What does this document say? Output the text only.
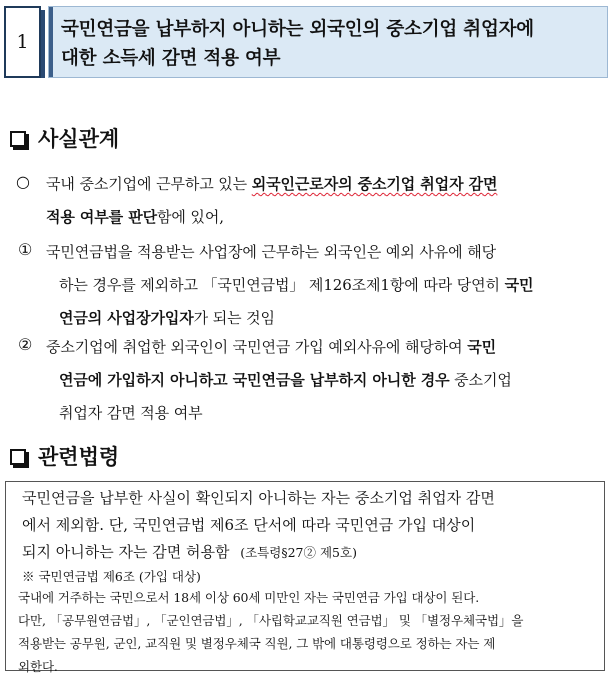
1
국민연금을 납부하지 아니하는 외국인의 중소기업 취업자에
대한 소득세 감면 적용 여부
사실관계
○ 국내 중소기업에 근무하고 있는 외국인근로자의 중소기업 취업자 감면
적용 여부를 판단함에 있어,
① 국민연금법을 적용받는 사업장에 근무하는 외국인은 예외 사유에 해당
하는 경우를 제외하고 「국민연금법」 제126조제1항에 따라 당연히 국민
연금의 사업장가입자가 되는 것임
② 중소기업에 취업한 외국인이 국민연금 가입 예외사유에 해당하여 국민
연금에 가입하지 아니하고 국민연금을 납부하지 아니한 경우 중소기업
취업자 감면 적용 여부
관련법령
국민연금을 납부한 사실이 확인되지 아니하는 자는 중소기업 취업자 감면
에서 제외함. 단, 국민연금법 제6조 단서에 따라 국민연금 가입 대상이
되지 아니하는 자는 감면 허용함 (조특령§27② 제5호)
※ 국민연금법 제6조 (가입 대상)
국내에 거주하는 국민으로서 18세 이상 60세 미만인 자는 국민연금 가입 대상이 된다.
다만, 「공무원연금법」, 「군인연금법」, 「사립학교교직원 연금법」 및 「별정우체국법」을
적용받는 공무원, 군인, 교직원 및 별정우체국 직원, 그 밖에 대통령령으로 정하는 자는 제
외한다.
